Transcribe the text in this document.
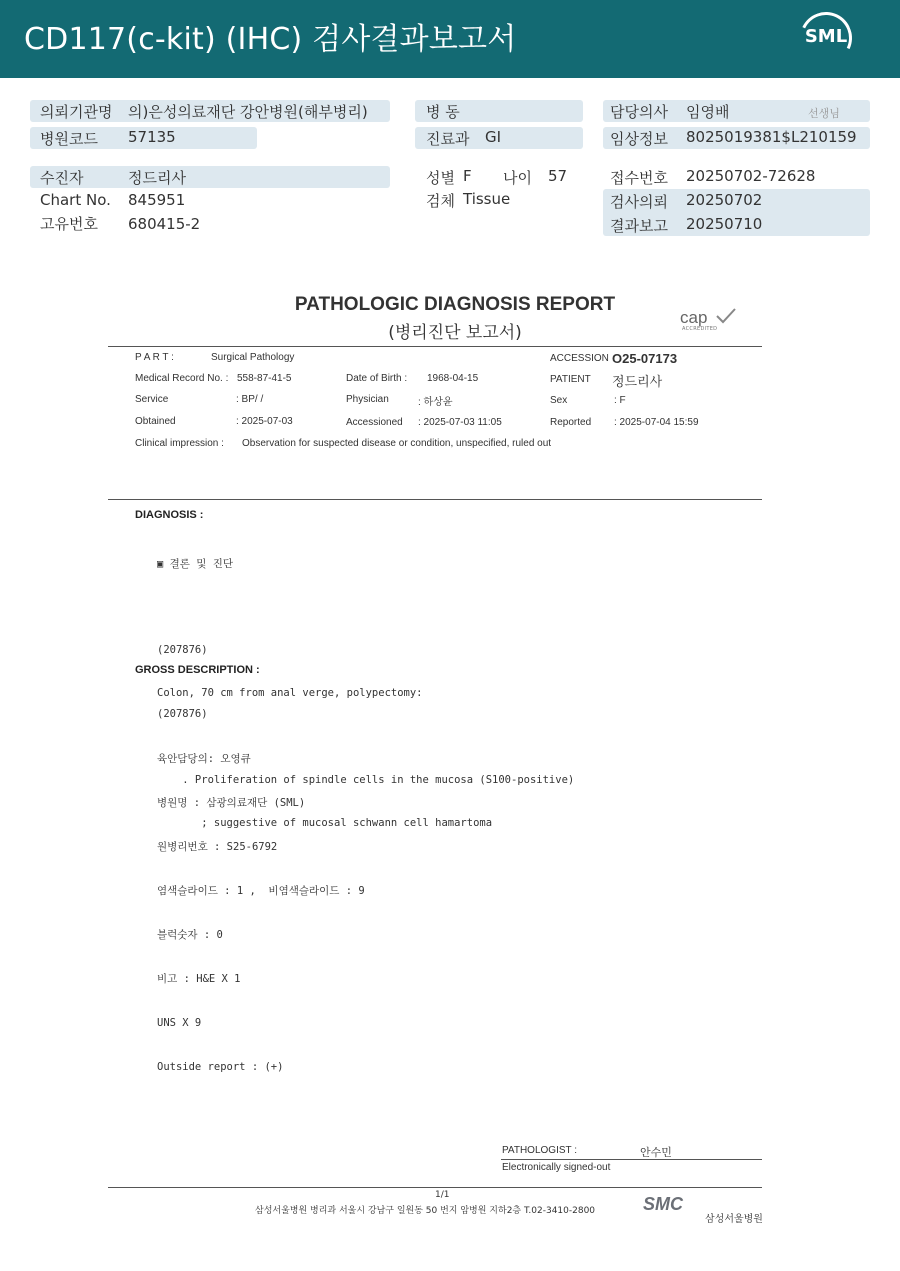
CD117(c-kit) (IHC) 검사결과보고서	SML
의뢰기관명 의)은성의료재단 강안병원(해부병리)	병 동	담당의사 임영배	선생님
병원코드 57135	진료과 GI	임상정보 8025019381$L210159
수진자	정드리사	성별 F 나이 57	접수번호 20250702-72628
Chart No. 845951	검체 Tissue	검사의뢰 20250702
고유번호 680415-2	결과보고 20250710
PATHOLOGIC DIAGNOSIS REPORT
(병리진단 보고서)
cap
ACCREDITED
P A R T :	Surgical Pathology	ACCESSION O25-07173
Medical Record No. : 558-87-41-5	Date of Birth : 1968-04-15	PATIENT 정드리사
Service	: BP/ /	Physician	: 하상윤	Sex	: F
Obtained	: 2025-07-03	Accessioned : 2025-07-03 11:05	Reported : 2025-07-04 15:59
Clinical impression : Observation for suspected disease or condition, unspecified, ruled out
DIAGNOSIS :

▣ 결론 및 진단

(207876)

Colon, 70 cm from anal verge, polypectomy:

. Proliferation of spindle cells in the mucosa (S100-positive)

; suggestive of mucosal schwann cell hamartoma

GROSS DESCRIPTION :

(207876)

육안담당의: 오영큐

병원명 : 삼광의료재단 (SML)

원병리번호 : S25-6792

염색슬라이드 : 1 ,  비염색슬라이드 : 9

블럭숫자 : 0

비고 : H&E X 1

UNS X 9

Outside report : (+)

PATHOLOGIST :	안수민
Electronically signed-out
1/1
삼성서울병원 병리과 서울시 강남구 일원동 50 번지 암병원 지하2층 T.02-3410-2800	SMC
삼성서울병원
